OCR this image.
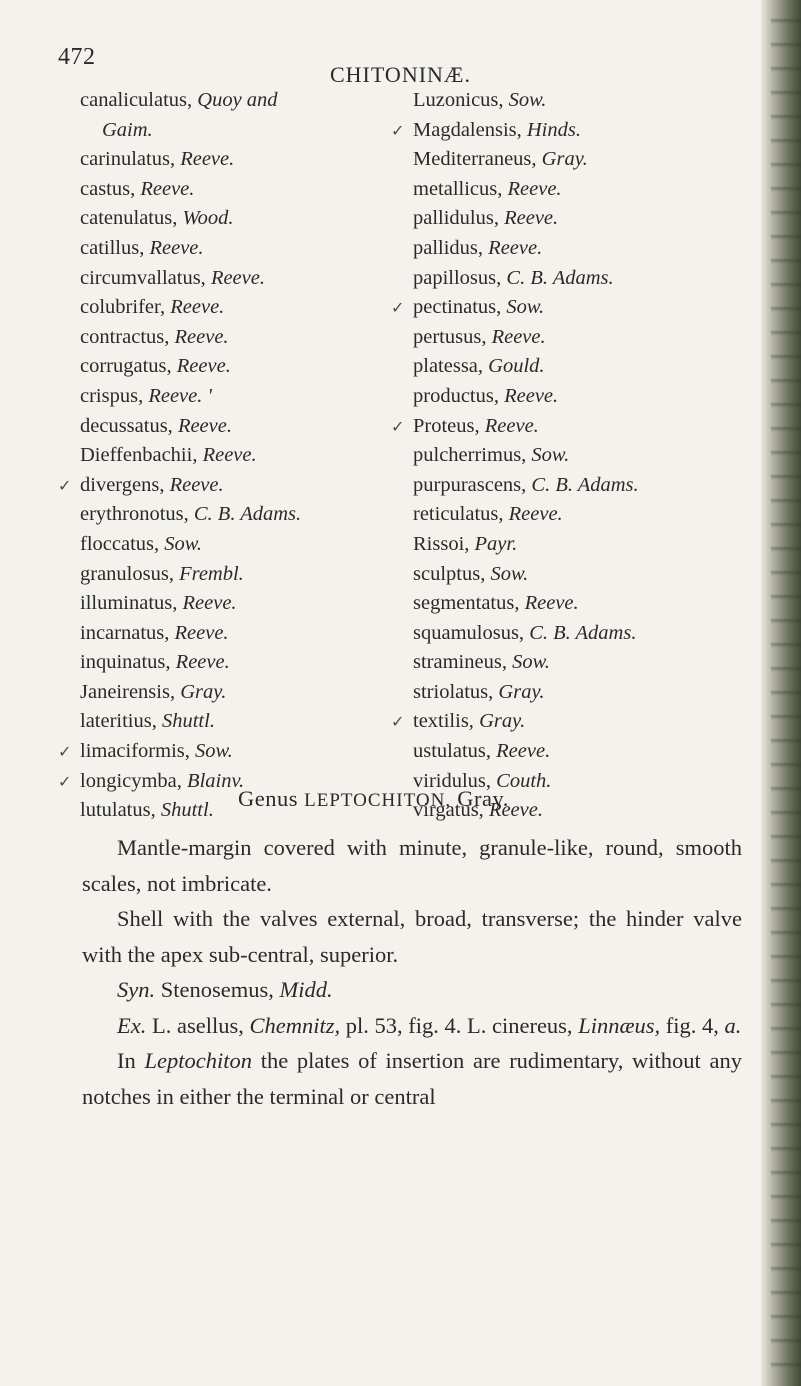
472
CHITONINÆ.
canaliculatus, Quoy and
Gaim.
carinulatus, Reeve.
castus, Reeve.
catenulatus, Wood.
catillus, Reeve.
circumvallatus, Reeve.
colubrifer, Reeve.
contractus, Reeve.
corrugatus, Reeve.
crispus, Reeve. '
decussatus, Reeve.
Dieffenbachii, Reeve.
✓ divergens, Reeve.
erythronotus, C. B. Adams.
floccatus, Sow.
granulosus, Frembl.
illuminatus, Reeve.
incarnatus, Reeve.
inquinatus, Reeve.
Janeirensis, Gray.
lateritius, Shuttl.
✓ limaciformis, Sow.
✓ longicymba, Blainv.
lutulatus, Shuttl.
Luzonicus, Sow.
✓ Magdalensis, Hinds.
Mediterraneus, Gray.
metallicus, Reeve.
pallidulus, Reeve.
pallidus, Reeve.
papillosus, C. B. Adams.
✓ pectinatus, Sow.
pertusus, Reeve.
platessa, Gould.
productus, Reeve.
✓ Proteus, Reeve.
pulcherrimus, Sow.
purpurascens, C. B. Adams.
reticulatus, Reeve.
Rissoi, Payr.
sculptus, Sow.
segmentatus, Reeve.
squamulosus, C. B. Adams.
stramineus, Sow.
striolatus, Gray.
✓ textilis, Gray.
ustulatus, Reeve.
viridulus, Couth.
virgatus, Reeve.
Genus LEPTOCHITON, Gray.

Mantle-margin covered with minute, granule-like, round, smooth scales, not imbricate.

Shell with the valves external, broad, transverse; the hinder valve with the apex sub-central, superior.

Syn. Stenosemus, Midd.

Ex. L. asellus, Chemnitz, pl. 53, fig. 4. L. cinereus, Linnæus, fig. 4, a.

In Leptochiton the plates of insertion are rudimentary, without any notches in either the terminal or central
